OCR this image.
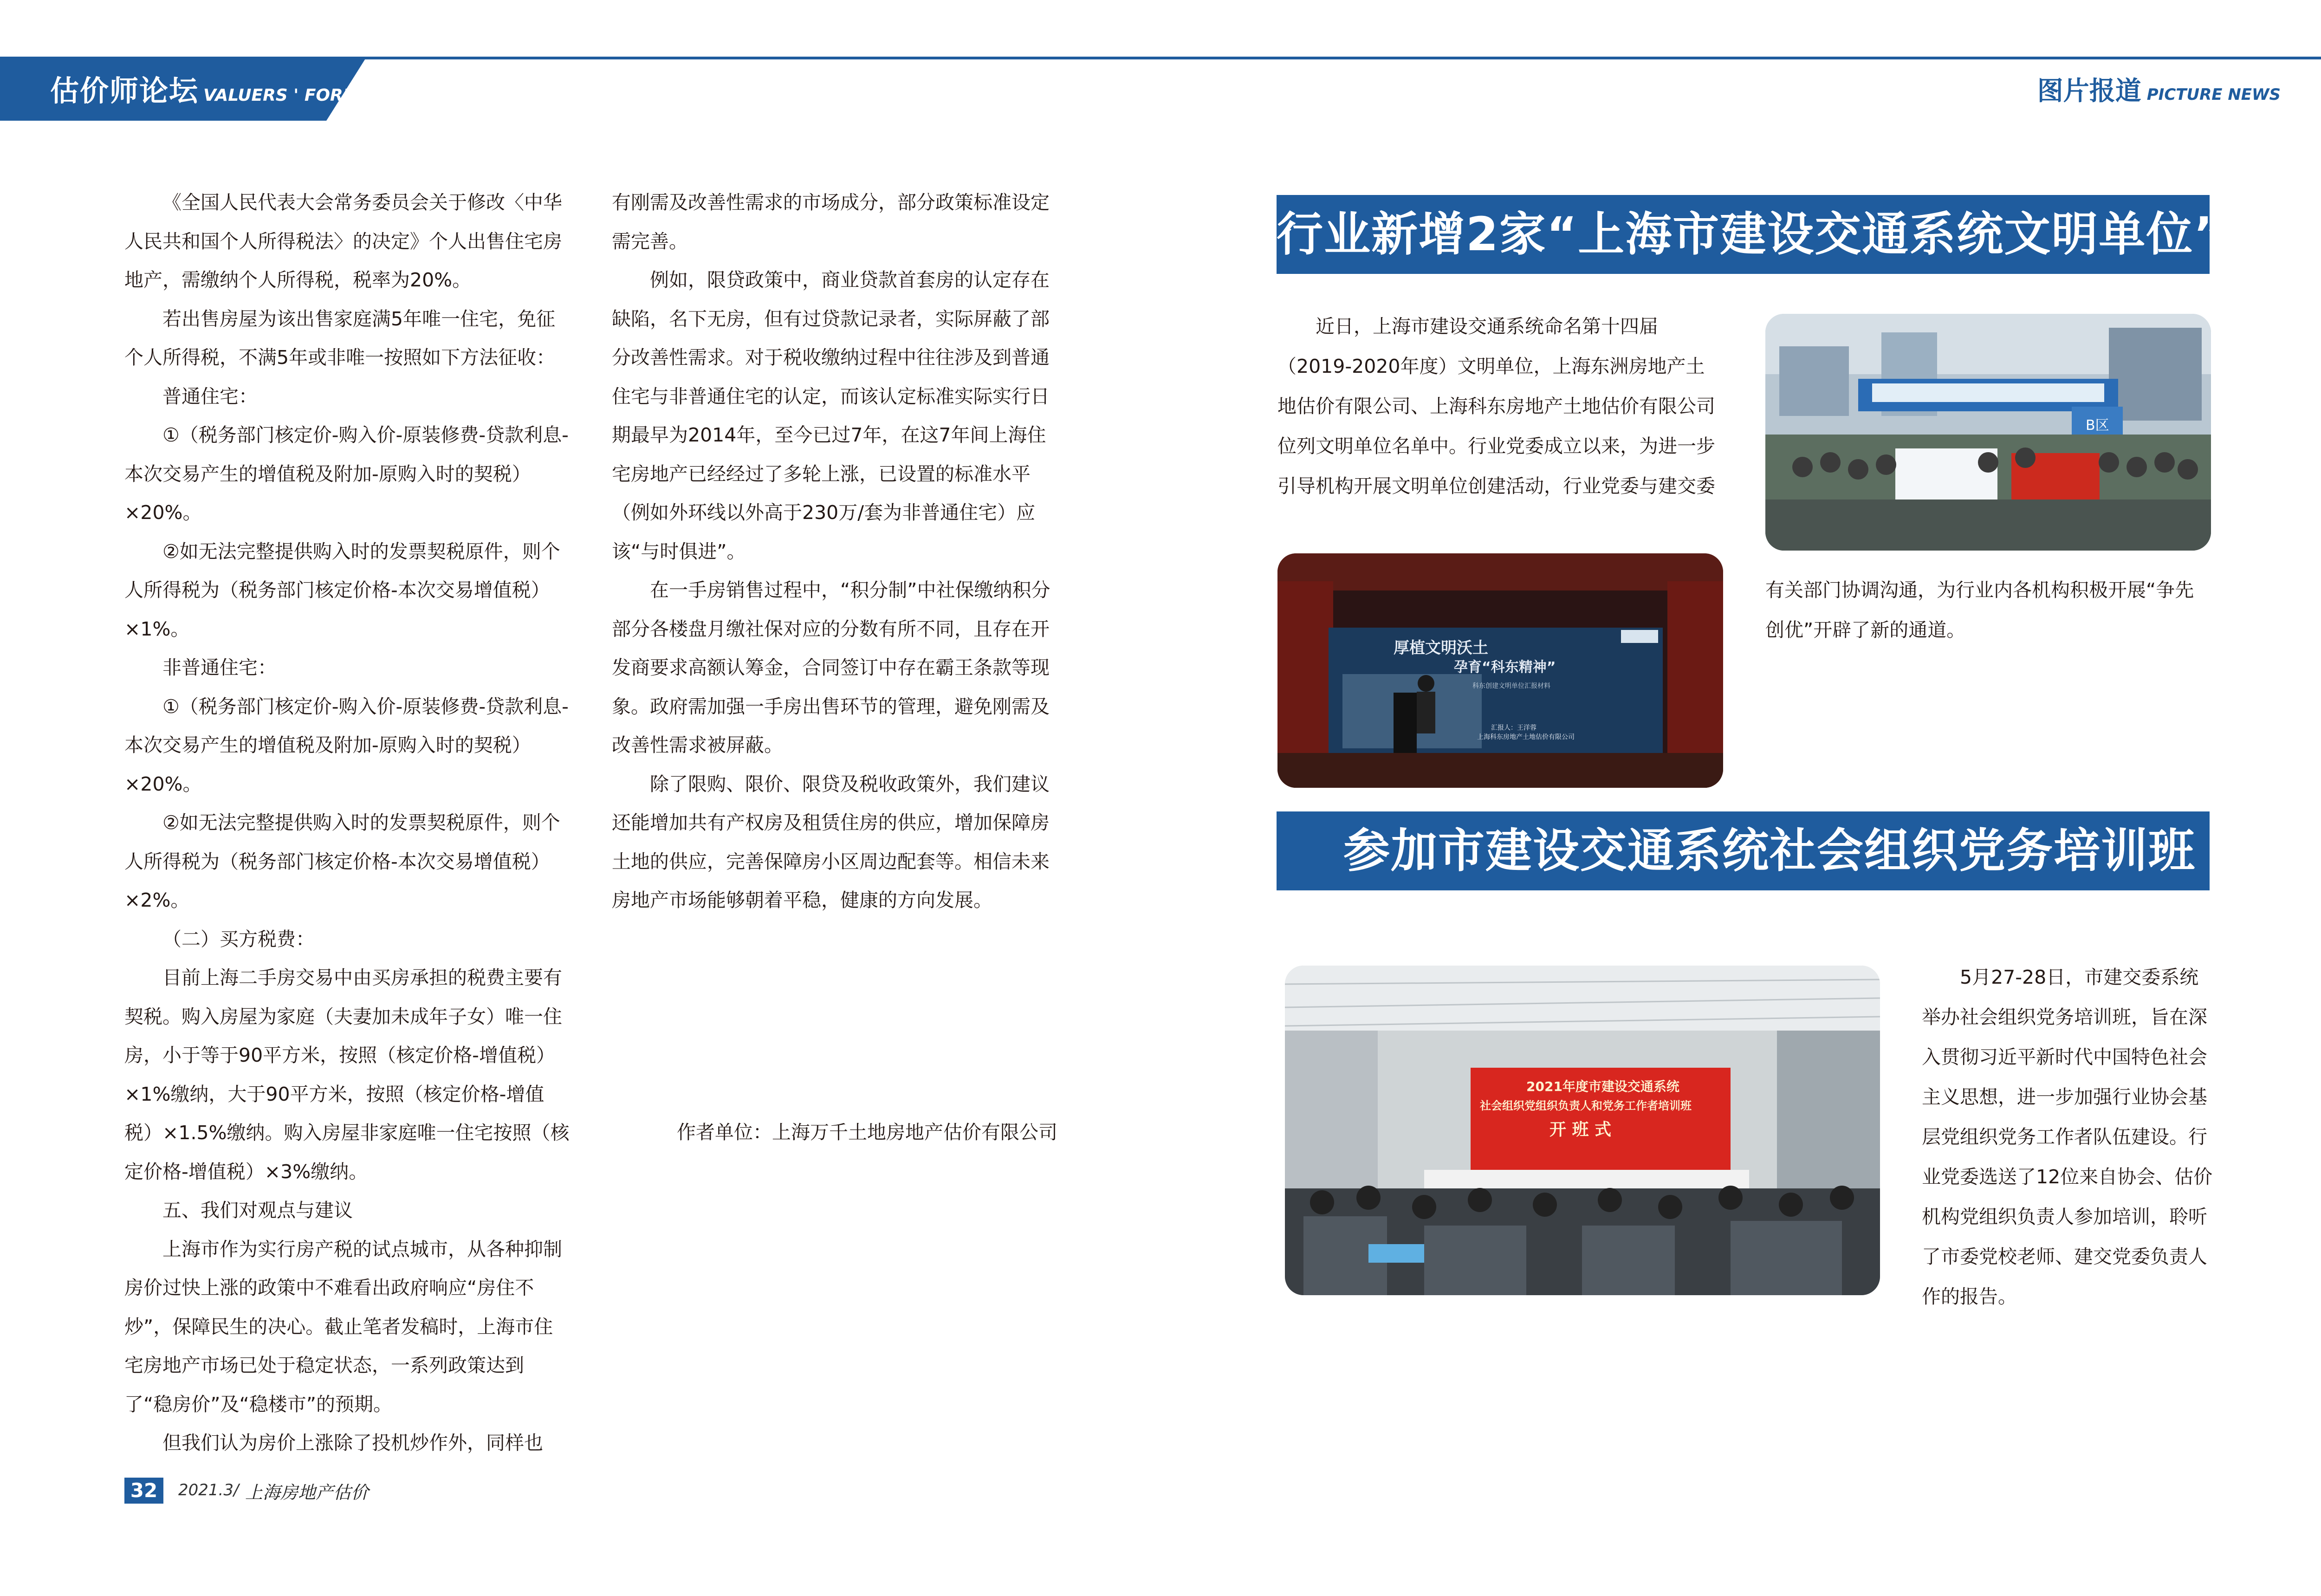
估价师论坛 VALUERS ' FORUM	图片报道 PICTURE NEWS

《全国人民代表大会常务委员会关于修改〈中华人民共和国个人所得税法〉的决定》个人出售住宅房地产，需缴纳个人所得税，税率为20%。

若出售房屋为该出售家庭满5年唯一住宅，免征个人所得税，不满5年或非唯一按照如下方法征收：

普通住宅：

①（税务部门核定价-购入价-原装修费-贷款利息-本次交易产生的增值税及附加-原购入时的契税）×20%。

②如无法完整提供购入时的发票契税原件，则个人所得税为（税务部门核定价格-本次交易增值税）×1%。

非普通住宅：

①（税务部门核定价-购入价-原装修费-贷款利息-本次交易产生的增值税及附加-原购入时的契税）×20%。

②如无法完整提供购入时的发票契税原件，则个人所得税为（税务部门核定价格-本次交易增值税）×2%。

（二）买方税费：

目前上海二手房交易中由买房承担的税费主要有契税。购入房屋为家庭（夫妻加未成年子女）唯一住房，小于等于90平方米，按照（核定价格-增值税）×1%缴纳，大于90平方米，按照（核定价格-增值税）×1.5%缴纳。购入房屋非家庭唯一住宅按照（核定价格-增值税）×3%缴纳。

五、我们对观点与建议

上海市作为实行房产税的试点城市，从各种抑制房价过快上涨的政策中不难看出政府响应“房住不炒”，保障民生的决心。截止笔者发稿时，上海市住宅房地产市场已处于稳定状态，一系列政策达到了“稳房价”及“稳楼市”的预期。

但我们认为房价上涨除了投机炒作外，同样也

有刚需及改善性需求的市场成分，部分政策标准设定需完善。

例如，限贷政策中，商业贷款首套房的认定存在缺陷，名下无房，但有过贷款记录者，实际屏蔽了部分改善性需求。对于税收缴纳过程中往往涉及到普通住宅与非普通住宅的认定，而该认定标准实际实行日期最早为2014年，至今已过7年，在这7年间上海住宅房地产已经经过了多轮上涨，已设置的标准水平（例如外环线以外高于230万/套为非普通住宅）应该“与时俱进”。

在一手房销售过程中，“积分制”中社保缴纳积分部分各楼盘月缴社保对应的分数有所不同，且存在开发商要求高额认筹金，合同签订中存在霸王条款等现象。政府需加强一手房出售环节的管理，避免刚需及改善性需求被屏蔽。

除了限购、限价、限贷及税收政策外，我们建议还能增加共有产权房及租赁住房的供应，增加保障房土地的供应，完善保障房小区周边配套等。相信未来房地产市场能够朝着平稳，健康的方向发展。

作者单位：上海万千土地房地产估价有限公司
32	2021.3/ 上海房地产估价
行业新增2家“上海市建设交通系统文明单位”

近日，上海市建设交通系统命名第十四届（2019-2020年度）文明单位，上海东洲房地产土地估价有限公司、上海科东房地产土地估价有限公司位列文明单位名单中。行业党委成立以来，为进一步引导机构开展文明单位创建活动，行业党委与建交委

B区
厚植文明沃土
孕育“科东精神”
科东创建文明单位汇报材料
汇报人：王洋蓉
上海科东房地产土地估价有限公司

有关部门协调沟通，为行业内各机构积极开展“争先创优”开辟了新的通道。

参加市建设交通系统社会组织党务培训班
2021年度市建设交通系统
社会组织党组织负责人和党务工作者培训班
开 班 式

5月27-28日，市建交委系统举办社会组织党务培训班，旨在深入贯彻习近平新时代中国特色社会主义思想，进一步加强行业协会基层党组织党务工作者队伍建设。行业党委选送了12位来自协会、估价机构党组织负责人参加培训，聆听了市委党校老师、建交党委负责人作的报告。
